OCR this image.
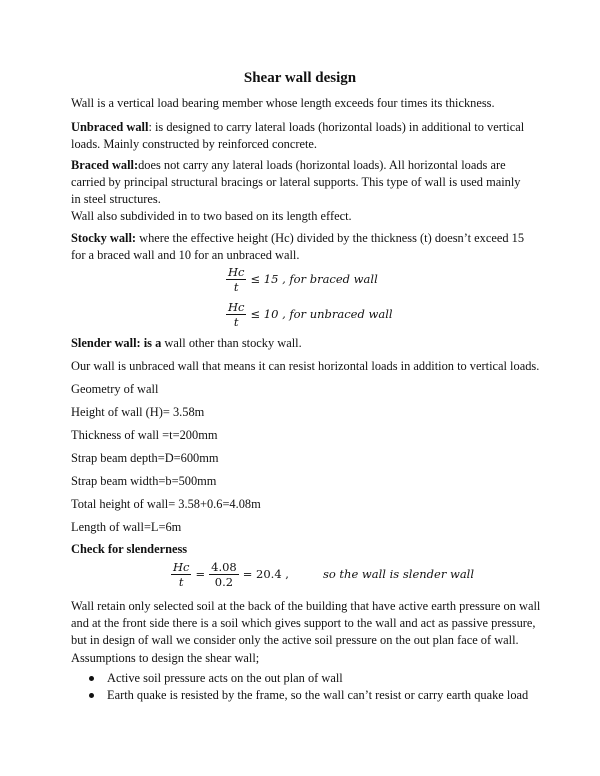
Shear wall design

Wall is a vertical load bearing member whose length exceeds four times its thickness.

Unbraced wall: is designed to carry lateral loads (horizontal loads) in additional to vertical loads. Mainly constructed by reinforced concrete.

Braced wall:does not carry any lateral loads (horizontal loads). All horizontal loads are carried by principal structural bracings or lateral supports. This type of wall is used mainly in steel structures.

Wall also subdivided in to two based on its length effect.

Stocky wall: where the effective height (Hc) divided by the thickness (t) doesn’t exceed 15 for a braced wall and 10 for an unbraced wall.

$\frac{Hc}{t} \le 15$ , for braced wall
$\frac{Hc}{t} \le 10$ , for unbraced wall

Slender wall: is a wall other than stocky wall.

Our wall is unbraced wall that means it can resist horizontal loads in addition to vertical loads.

Geometry of wall

Height of wall (H)= 3.58m

Thickness of wall =t=200mm

Strap beam depth=D=600mm

Strap beam width=b=500mm

Total height of wall= 3.58+0.6=4.08m

Length of wall=L=6m

Check for slenderness

$\frac{Hc}{t} = \frac{4.08}{0.2} = 20.4$ ,	so the wall is slender wall

Wall retain only selected soil at the back of the building that have active earth pressure on wall and at the front side there is a soil which gives support to the wall and act as passive pressure, but in design of wall we consider only the active soil pressure on the out plan face of wall.

Assumptions to design the shear wall;

Active soil pressure acts on the out plan of wall
Earth quake is resisted by the frame, so the wall can’t resist or carry earth quake load
